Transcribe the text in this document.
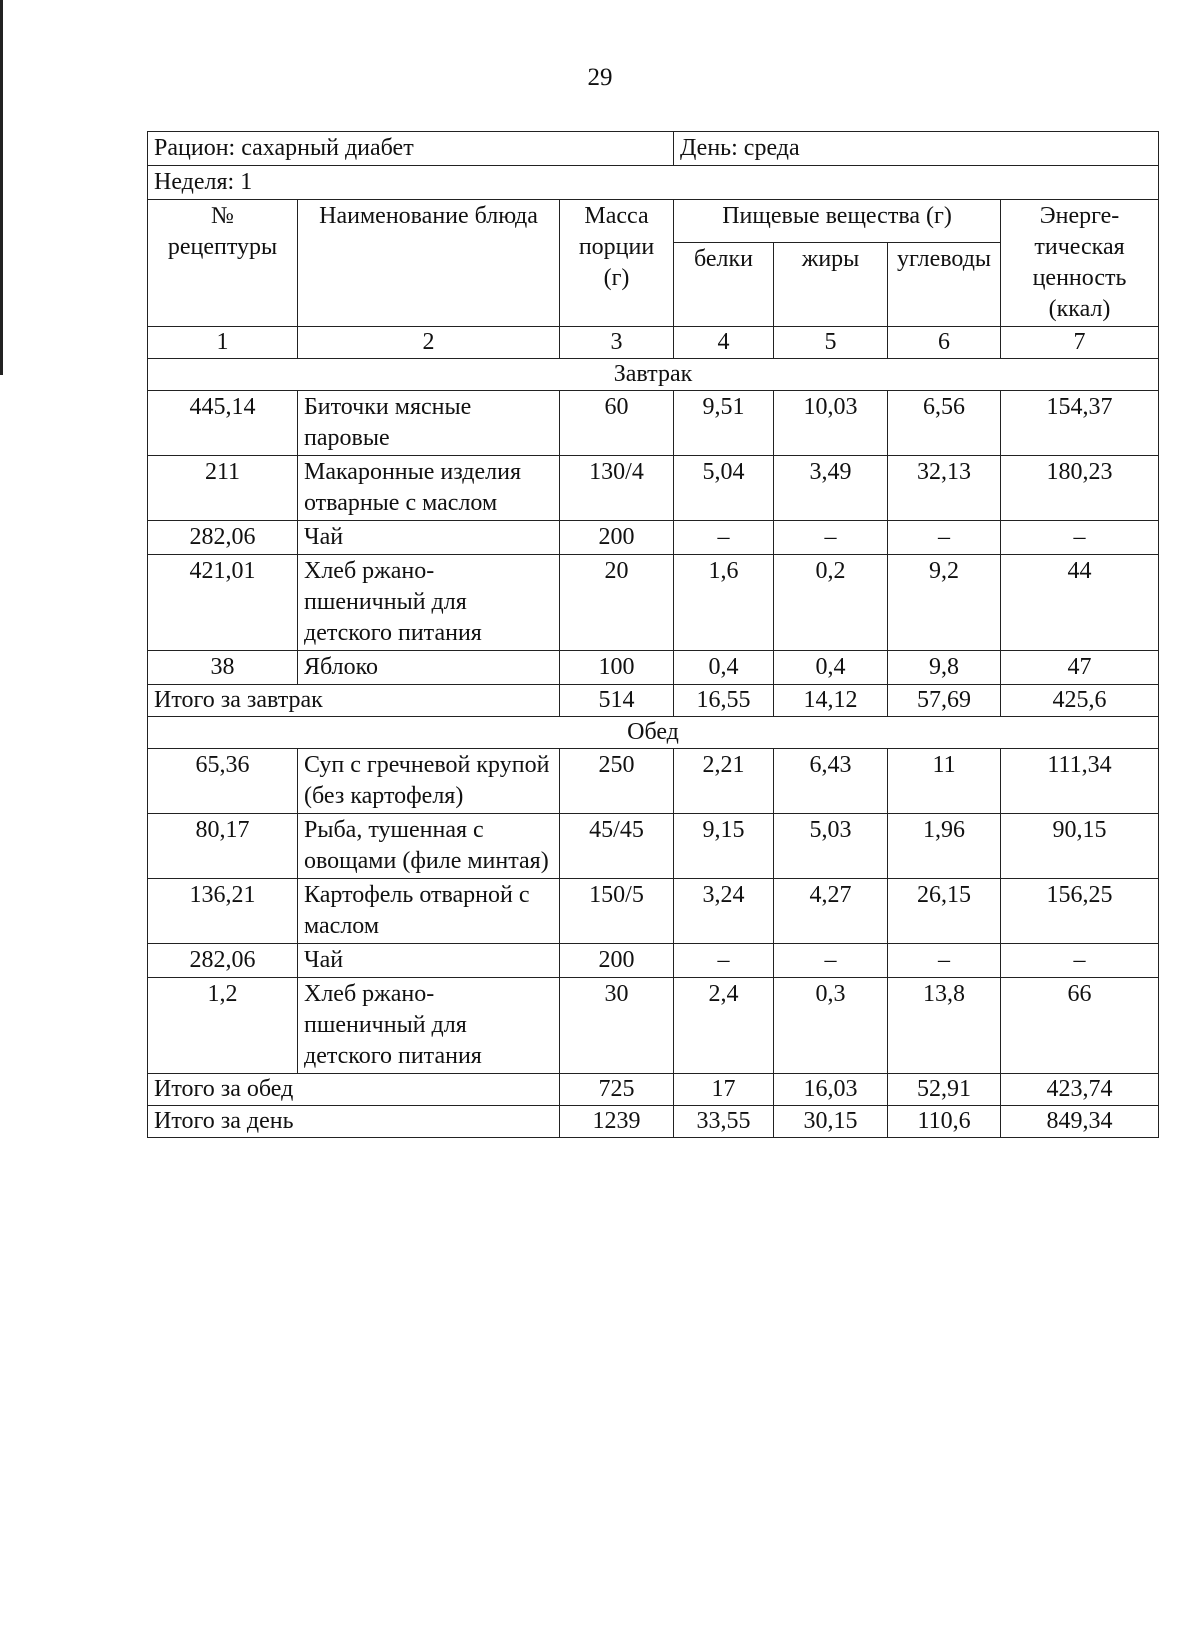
29
Рацион: сахарный диабет			День: среда			
Неделя: 1						
№ рецептуры	Наименование блюда	Масса порции (г)	Пищевые вещества (г)			Энерге-тическая ценность (ккал)
			белки	жиры	углеводы	
1	2	3	4	5	6	7
Завтрак						
445,14	Биточки мясные паровые	60	9,51	10,03	6,56	154,37
211	Макаронные изделия отварные с маслом	130/4	5,04	3,49	32,13	180,23
282,06	Чай	200	–	–	–	–
421,01	Хлеб ржано-пшеничный для детского питания	20	1,6	0,2	9,2	44
38	Яблоко	100	0,4	0,4	9,8	47
Итого за завтрак		514	16,55	14,12	57,69	425,6
Обед						
65,36	Суп с гречневой крупой (без картофеля)	250	2,21	6,43	11	111,34
80,17	Рыба, тушенная с овощами (филе минтая)	45/45	9,15	5,03	1,96	90,15
136,21	Картофель отварной с маслом	150/5	3,24	4,27	26,15	156,25
282,06	Чай	200	–	–	–	–
1,2	Хлеб ржано-пшеничный для детского питания	30	2,4	0,3	13,8	66
Итого за обед		725	17	16,03	52,91	423,74
Итого за день		1239	33,55	30,15	110,6	849,34
